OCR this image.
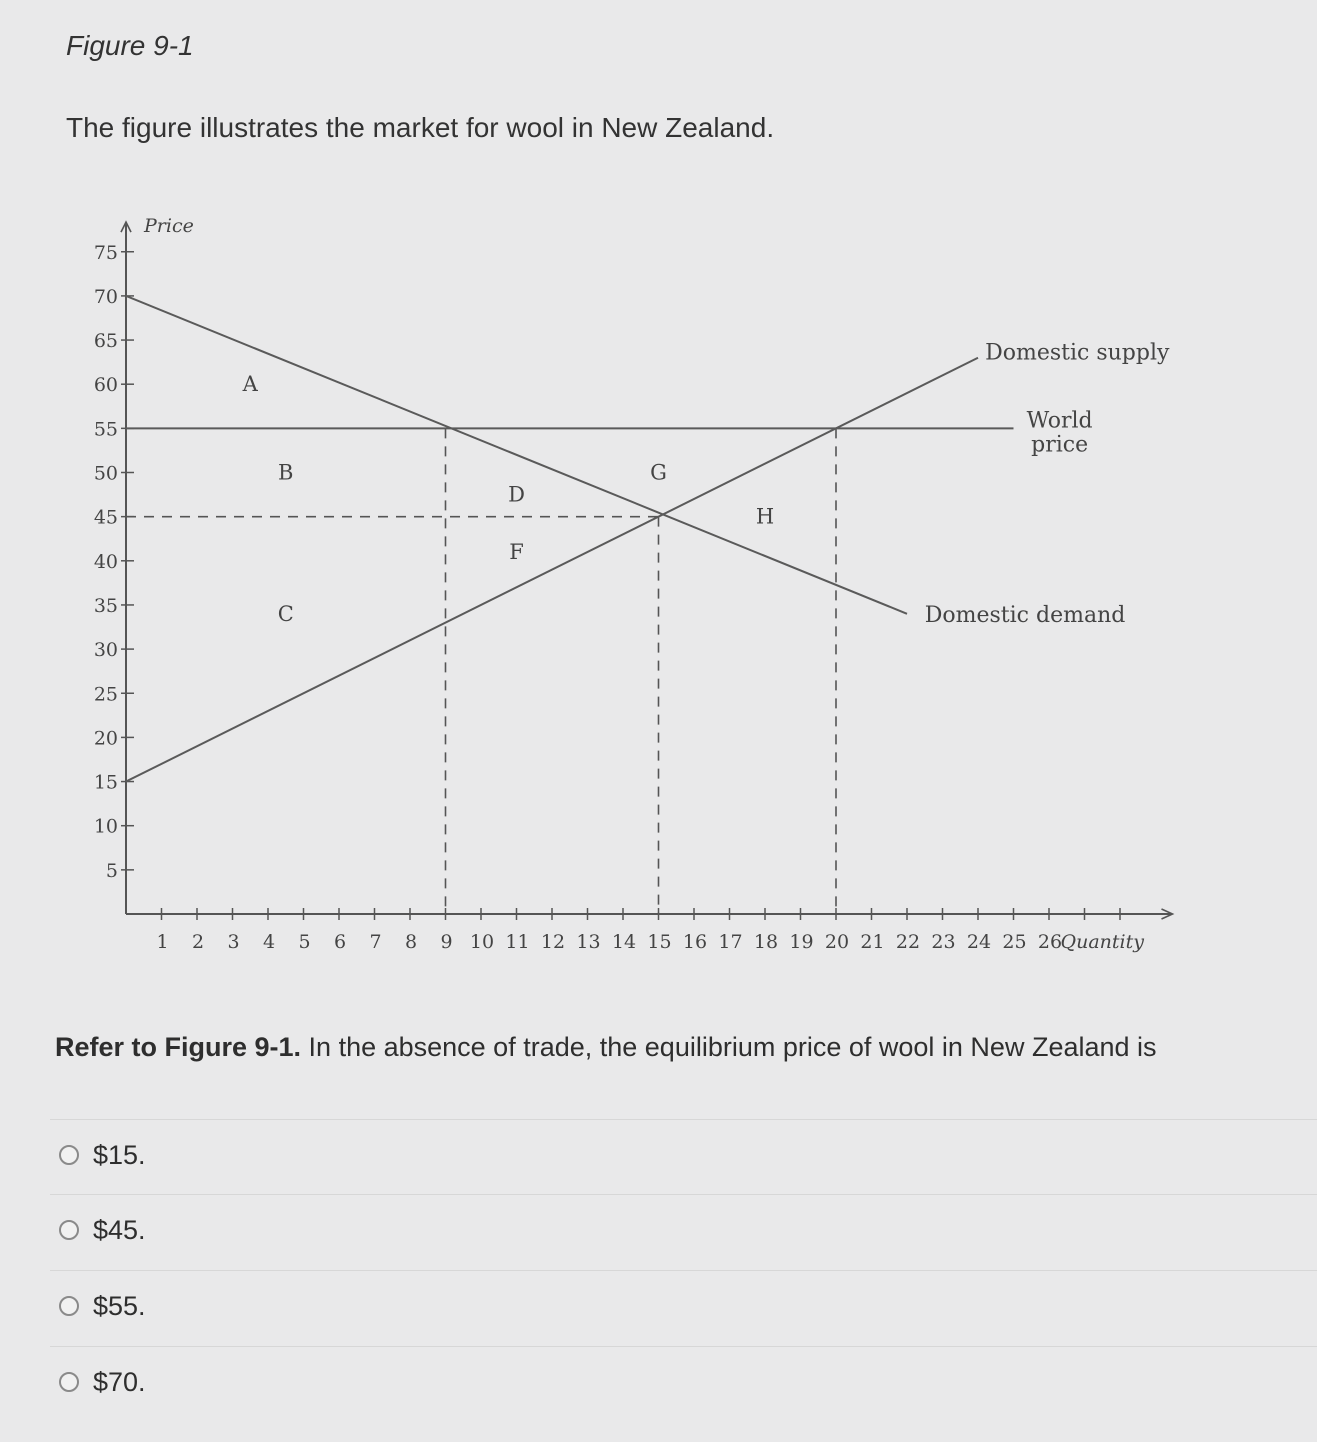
Figure 9-1
The figure illustrates the market for wool in New Zealand.
5
10
15
20
25
30
35
40
45
50
55
60
65
70
75
1 2 3 4 5 6 7 8 9 10 11 12 13 14 15 16 17 18 19 20 21 22 23 24 25 26
Price
Quantity
Domestic supply
World
price
Domestic demand
A
B
C
D
F
G
H
Refer to Figure 9-1. In the absence of trade, the equilibrium price of wool in New Zealand is
$15.
$45.
$55.
$70.
